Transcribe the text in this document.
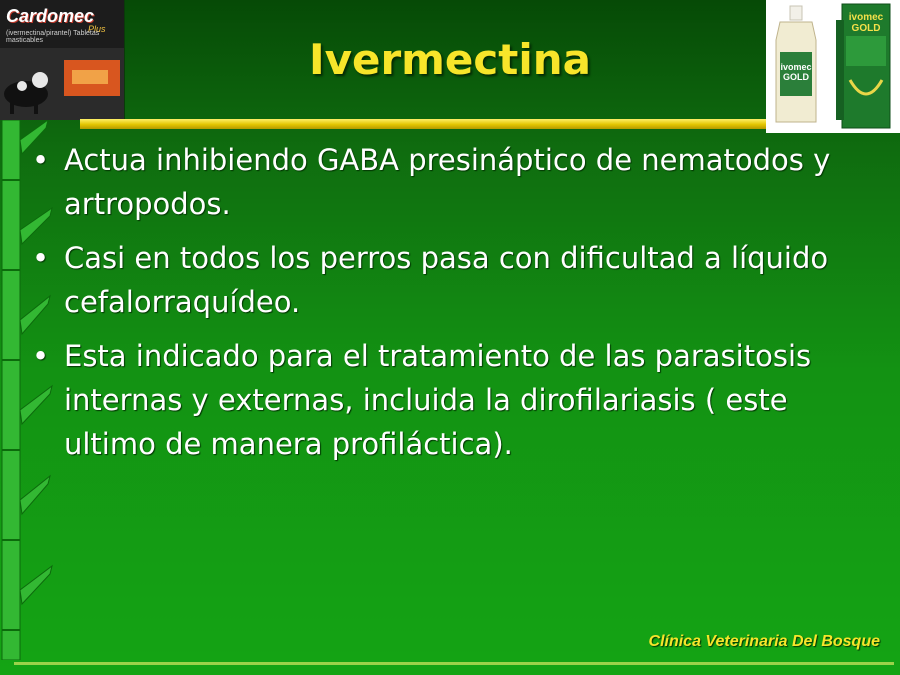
Cardomec
Plus
(ivermectina/pirantel) Tabletas masticables
ivomec GOLD
ivomec GOLD
Ivermectina
• Actua inhibiendo GABA presináptico de nematodos y artropodos.
• Casi en todos los perros pasa con dificultad a líquido cefalorraquídeo.
• Esta indicado para el tratamiento de las parasitosis internas y externas, incluida la dirofilariasis ( este ultimo de manera profiláctica).
Clínica Veterinaria Del Bosque
